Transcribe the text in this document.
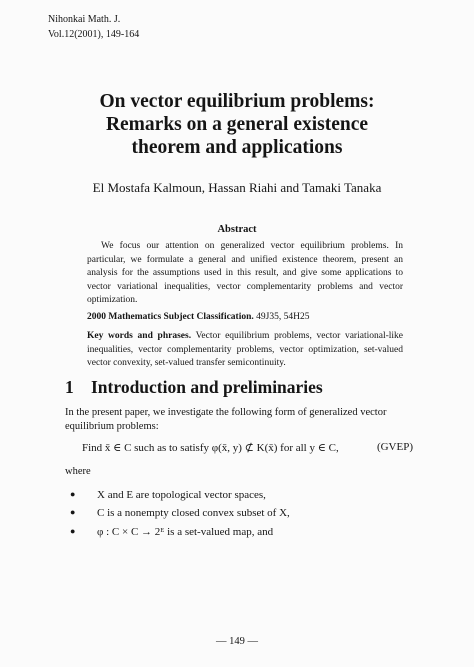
Nihonkai Math. J.
Vol.12(2001), 149-164
On vector equilibrium problems:
Remarks on a general existence
theorem and applications
El Mostafa Kalmoun, Hassan Riahi and Tamaki Tanaka
Abstract
We focus our attention on generalized vector equilibrium problems. In particular, we formulate a general and unified existence theorem, present an analysis for the assumptions used in this result, and give some applications to vector variational inequalities, vector complementarity problems and vector optimization.
2000 Mathematics Subject Classification. 49J35, 54H25
Key words and phrases. Vector equilibrium problems, vector variational-like inequalities, vector complementarity problems, vector optimization, set-valued vector convexity, set-valued transfer semicontinuity.
1 Introduction and preliminaries
In the present paper, we investigate the following form of generalized vector equilibrium problems:
Find x̄ ∈ C such as to satisfy φ(x̄, y) ⊄ K(x̄) for all y ∈ C,	(GVEP)
where
● X and E are topological vector spaces,
● C is a nonempty closed convex subset of X,
● φ : C × C → 2ᴱ is a set-valued map, and
— 149 —
